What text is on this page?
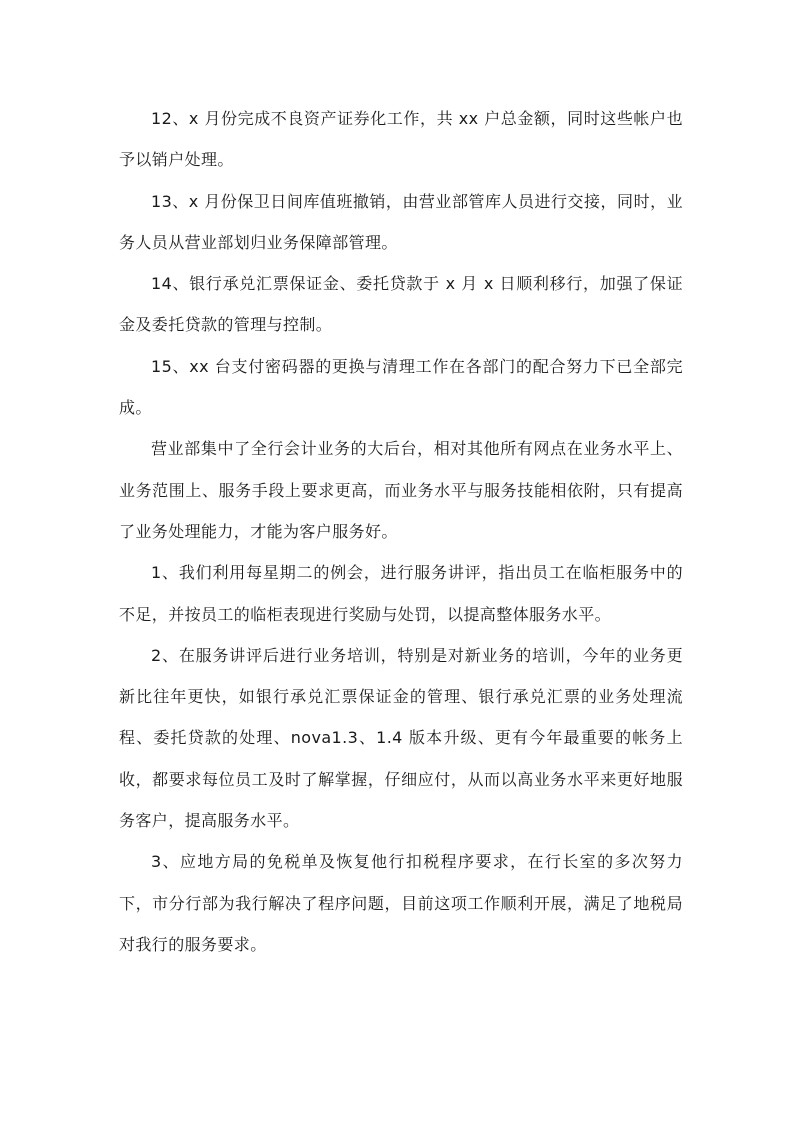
12、x 月份完成不良资产证券化工作，共 xx 户总金额，同时这些帐户也予以销户处理。

13、x 月份保卫日间库值班撤销，由营业部管库人员进行交接，同时，业务人员从营业部划归业务保障部管理。

14、银行承兑汇票保证金、委托贷款于 x 月 x 日顺利移行，加强了保证金及委托贷款的管理与控制。

15、xx 台支付密码器的更换与清理工作在各部门的配合努力下已全部完成。

营业部集中了全行会计业务的大后台，相对其他所有网点在业务水平上、业务范围上、服务手段上要求更高，而业务水平与服务技能相依附，只有提高了业务处理能力，才能为客户服务好。

1、我们利用每星期二的例会，进行服务讲评，指出员工在临柜服务中的不足，并按员工的临柜表现进行奖励与处罚，以提高整体服务水平。

2、在服务讲评后进行业务培训，特别是对新业务的培训，今年的业务更新比往年更快，如银行承兑汇票保证金的管理、银行承兑汇票的业务处理流程、委托贷款的处理、nova1.3、1.4 版本升级、更有今年最重要的帐务上收，都要求每位员工及时了解掌握，仔细应付，从而以高业务水平来更好地服务客户，提高服务水平。

3、应地方局的免税单及恢复他行扣税程序要求，在行长室的多次努力下，市分行部为我行解决了程序问题，目前这项工作顺利开展，满足了地税局对我行的服务要求。
